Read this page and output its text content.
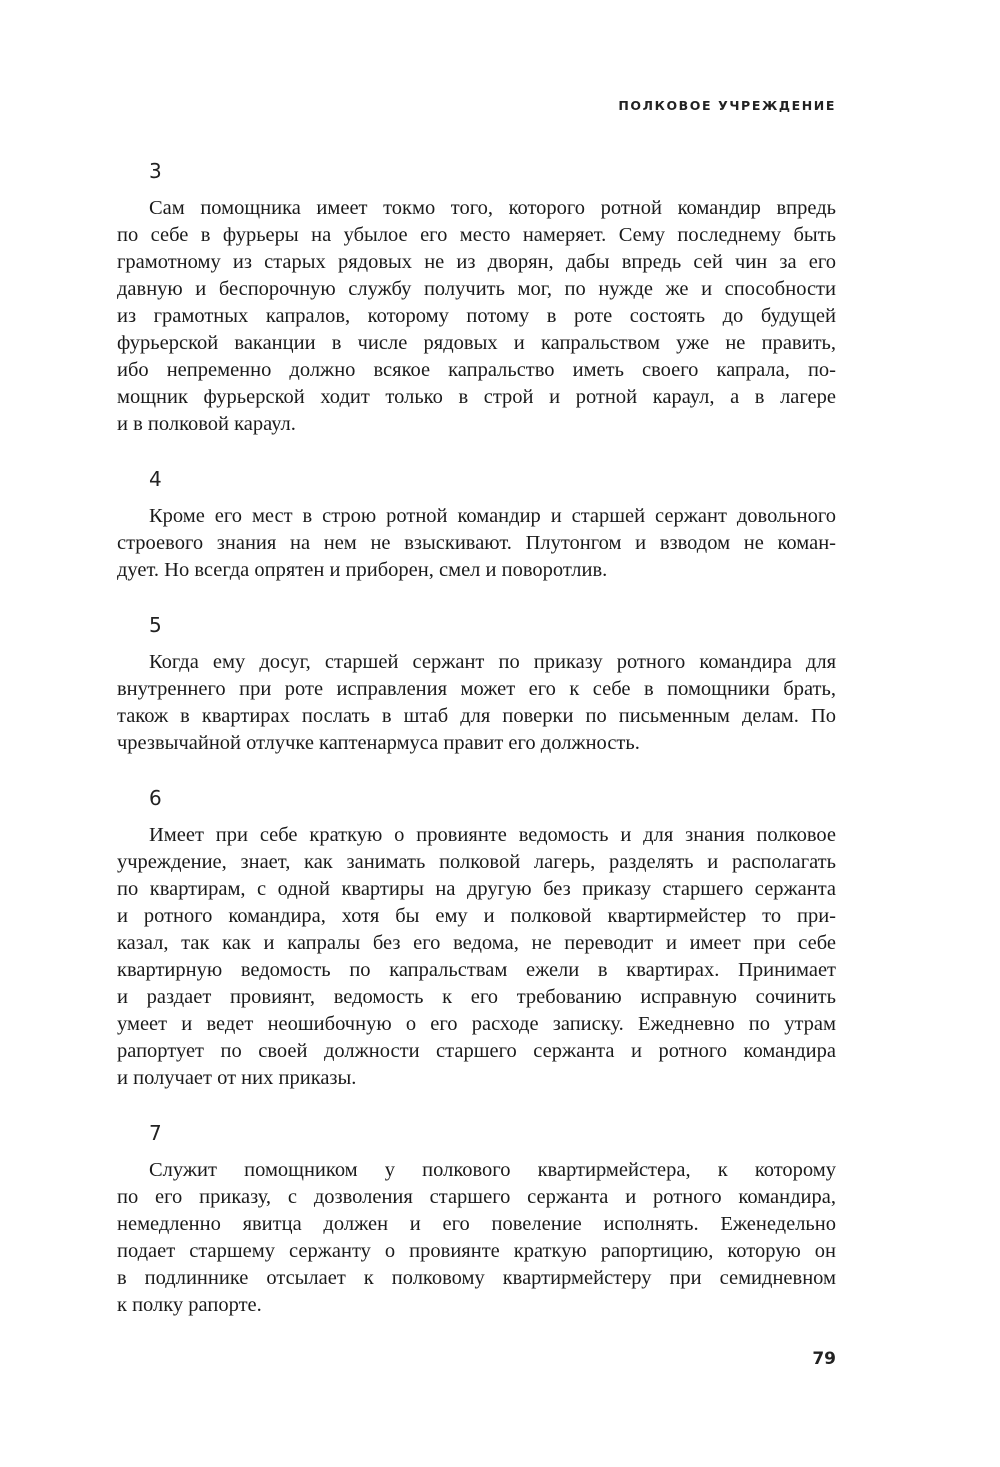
ПОЛКОВОЕ УЧРЕЖДЕНИЕ
3
Сам помощника имеет токмо того, которого ротной командир впредь
по себе в фурьеры на убылое его место намеряет. Сему последнему быть
грамотному из старых рядовых не из дворян, дабы впредь сей чин за его
давную и беспорочную службу получить мог, по нужде же и способности
из грамотных капралов, которому потому в роте состоять до будущей
фурьерской ваканции в числе рядовых и капральством уже не править,
ибо непременно должно всякое капральство иметь своего капрала, по-
мощник фурьерской ходит только в строй и ротной караул, а в лагере
и в полковой караул.
4
Кроме его мест в строю ротной командир и старшей сержант довольного
строевого знания на нем не взыскивают. Плутонгом и взводом не коман-
дует. Но всегда опрятен и приборен, смел и поворотлив.
5
Когда ему досуг, старшей сержант по приказу ротного командира для
внутреннего при роте исправления может его к себе в помощники брать,
також в квартирах послать в штаб для поверки по письменным делам. По
чрезвычайной отлучке каптенармуса правит его должность.
6
Имеет при себе краткую о провиянте ведомость и для знания полковое
учреждение, знает, как занимать полковой лагерь, разделять и располагать
по квартирам, с одной квартиры на другую без приказу старшего сержанта
и ротного командира, хотя бы ему и полковой квартирмейстер то при-
казал, так как и капралы без его ведома, не переводит и имеет при себе
квартирную ведомость по капральствам ежели в квартирах. Принимает
и раздает провиянт, ведомость к его требованию исправную сочинить
умеет и ведет неошибочную о его расходе записку. Ежедневно по утрам
рапортует по своей должности старшего сержанта и ротного командира
и получает от них приказы.
7
Служит помощником у полкового квартирмейстера, к которому
по его приказу, с дозволения старшего сержанта и ротного командира,
немедленно явитца должен и его повеление исполнять. Еженедельно
подает старшему сержанту о провиянте краткую рапортицию, которую он
в подлиннике отсылает к полковому квартирмейстеру при семидневном
к полку рапорте.
79
